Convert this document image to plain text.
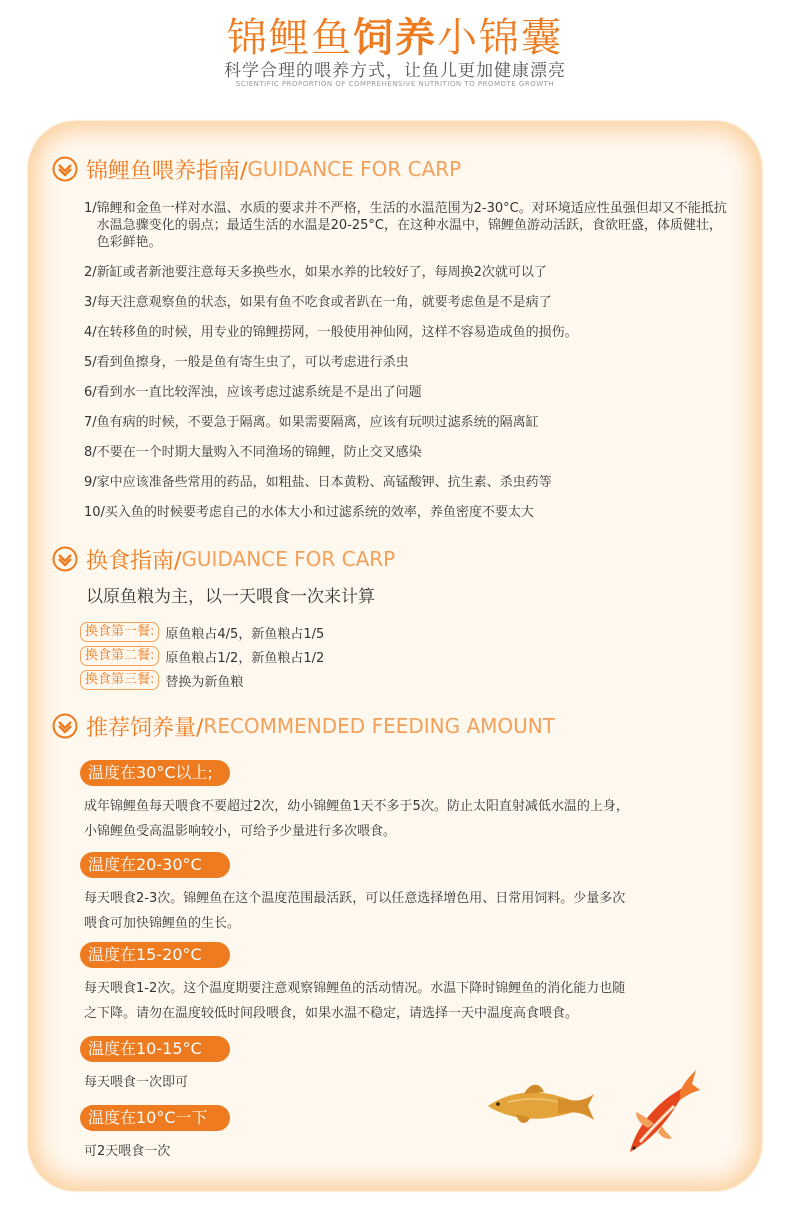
锦鲤鱼饲养小锦囊
科学合理的喂养方式，让鱼儿更加健康漂亮
SCIENTIFIC PROPORTION OF COMPREHENSIVE NUTRITION TO PROMOTE GROWTH
锦鲤鱼喂养指南/ GUIDANCE FOR CARP
1/ 锦鲤和金鱼一样对水温、水质的要求并不严格，生活的水温范围为2-30°C。对环境适应性虽强但却又不能抵抗水温急骤变化的弱点；最适生活的水温是20-25°C，在这种水温中，锦鲤鱼游动活跃，食欲旺盛，体质健壮，色彩鲜艳。
2/ 新缸或者新池要注意每天多换些水，如果水养的比较好了，每周换2次就可以了
3/ 每天注意观察鱼的状态，如果有鱼不吃食或者趴在一角，就要考虑鱼是不是病了
4/ 在转移鱼的时候，用专业的锦鲤捞网，一般使用神仙网，这样不容易造成鱼的损伤。
5/ 看到鱼擦身，一般是鱼有寄生虫了，可以考虑进行杀虫
6/ 看到水一直比较浑浊，应该考虑过滤系统是不是出了问题
7/ 鱼有病的时候，不要急于隔离。如果需要隔离，应该有玩呗过滤系统的隔离缸
8/ 不要在一个时期大量购入不同渔场的锦鲤，防止交叉感染
9/ 家中应该准备些常用的药品，如粗盐、日本黄粉、高锰酸钾、抗生素、杀虫药等
10/ 买入鱼的时候要考虑自己的水体大小和过滤系统的效率，养鱼密度不要太大
换食指南/ GUIDANCE FOR CARP
以原鱼粮为主，以一天喂食一次来计算
换食第一餐: 原鱼粮占4/5，新鱼粮占1/5
换食第二餐: 原鱼粮占1/2，新鱼粮占1/2
换食第三餐: 替换为新鱼粮
推荐饲养量/ RECOMMENDED FEEDING AMOUNT
温度在30°C以上;
成年锦鲤鱼每天喂食不要超过2次，幼小锦鲤鱼1天不多于5次。防止太阳直射减低水温的上身，
小锦鲤鱼受高温影响较小，可给予少量进行多次喂食。
温度在20-30°C
每天喂食2-3次。锦鲤鱼在这个温度范围最活跃，可以任意选择增色用、日常用饲料。少量多次
喂食可加快锦鲤鱼的生长。
温度在15-20°C
每天喂食1-2次。这个温度期要注意观察锦鲤鱼的活动情况。水温下降时锦鲤鱼的消化能力也随
之下降。请勿在温度较低时间段喂食，如果水温不稳定，请选择一天中温度高食喂食。
温度在10-15°C
每天喂食一次即可
温度在10°C一下
可2天喂食一次
